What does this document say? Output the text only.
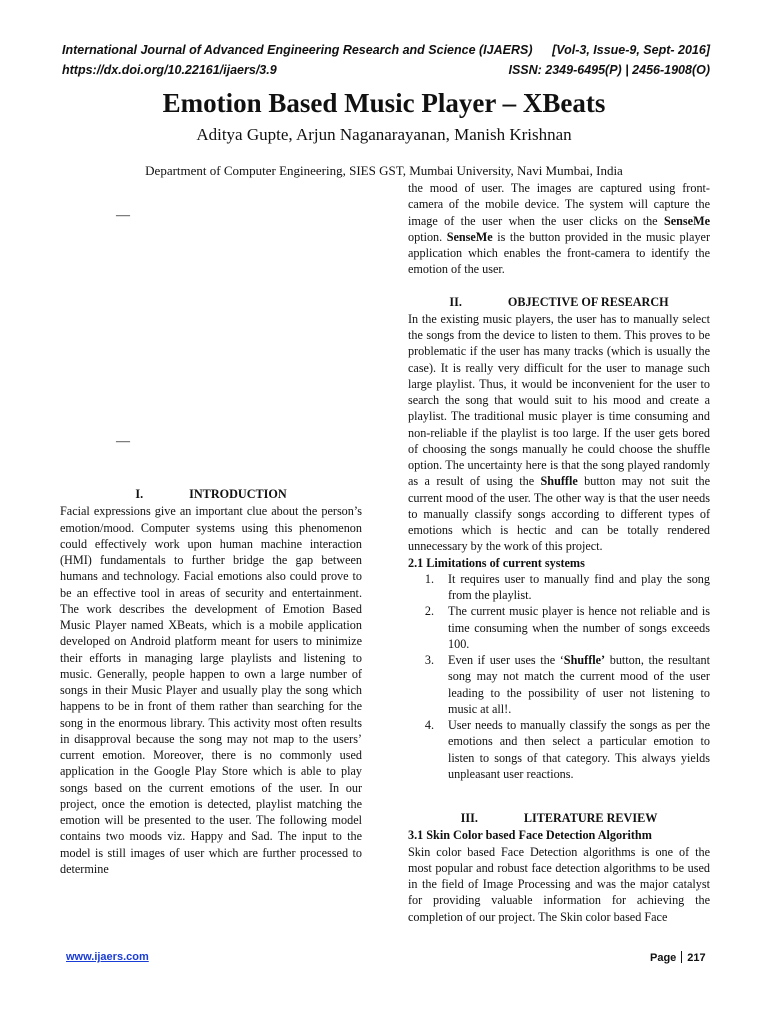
International Journal of Advanced Engineering Research and Science (IJAERS) [Vol-3, Issue-9, Sept- 2016]
https://dx.doi.org/10.22161/ijaers/3.9	ISSN: 2349-6495(P) | 2456-1908(O)
Emotion Based Music Player – XBeats
Aditya Gupte, Arjun Naganarayanan, Manish Krishnan
Department of Computer Engineering, SIES GST, Mumbai University, Navi Mumbai, India
—
—
I.	INTRODUCTION

Facial expressions give an important clue about the person’s emotion/mood. Computer systems using this phenomenon could effectively work upon human machine interaction (HMI) fundamentals to further bridge the gap between humans and technology. Facial emotions also could prove to be an effective tool in areas of security and entertainment. The work describes the development of Emotion Based Music Player named XBeats, which is a mobile application developed on Android platform meant for users to minimize their efforts in managing large playlists and listening to music. Generally, people happen to own a large number of songs in their Music Player and usually play the song which happens to be in front of them rather than searching for the song in the enormous library. This activity most often results in disapproval because the song may not map to the users’ current emotion. Moreover, there is no commonly used application in the Google Play Store which is able to play songs based on the current emotions of the user. In our project, once the emotion is detected, playlist matching the emotion will be presented to the user. The following model contains two moods viz. Happy and Sad. The input to the model is still images of user which are further processed to determine

the mood of user. The images are captured using front-camera of the mobile device. The system will capture the image of the user when the user clicks on the SenseMe option. SenseMe is the button provided in the music player application which enables the front-camera to identify the emotion of the user.

II.	OBJECTIVE OF RESEARCH

In the existing music players, the user has to manually select the songs from the device to listen to them. This proves to be problematic if the user has many tracks (which is usually the case). It is really very difficult for the user to manage such large playlist. Thus, it would be inconvenient for the user to search the song that would suit to his mood and create a playlist. The traditional music player is time consuming and non-reliable if the playlist is too large. If the user gets bored of choosing the songs manually he could choose the shuffle option. The uncertainty here is that the song played randomly as a result of using the Shuffle button may not suit the current mood of the user. The other way is that the user needs to manually classify songs according to different types of emotions which is hectic and can be totally rendered unnecessary by the work of this project.

2.1 Limitations of current systems
1.	It requires user to manually find and play the song from the playlist.
2.	The current music player is hence not reliable and is time consuming when the number of songs exceeds 100.
3.	Even if user uses the ‘Shuffle’ button, the resultant song may not match the current mood of the user leading to the possibility of user not listening to music at all!.
4.	User needs to manually classify the songs as per the emotions and then select a particular emotion to listen to songs of that category. This always yields unpleasant user reactions.
III.	LITERATURE REVIEW
3.1 Skin Color based Face Detection Algorithm

Skin color based Face Detection algorithms is one of the most popular and robust face detection algorithms to be used in the field of Image Processing and was the major catalyst for providing valuable information for achieving the completion of our project. The Skin color based Face

www.ijaers.com	Page 217
